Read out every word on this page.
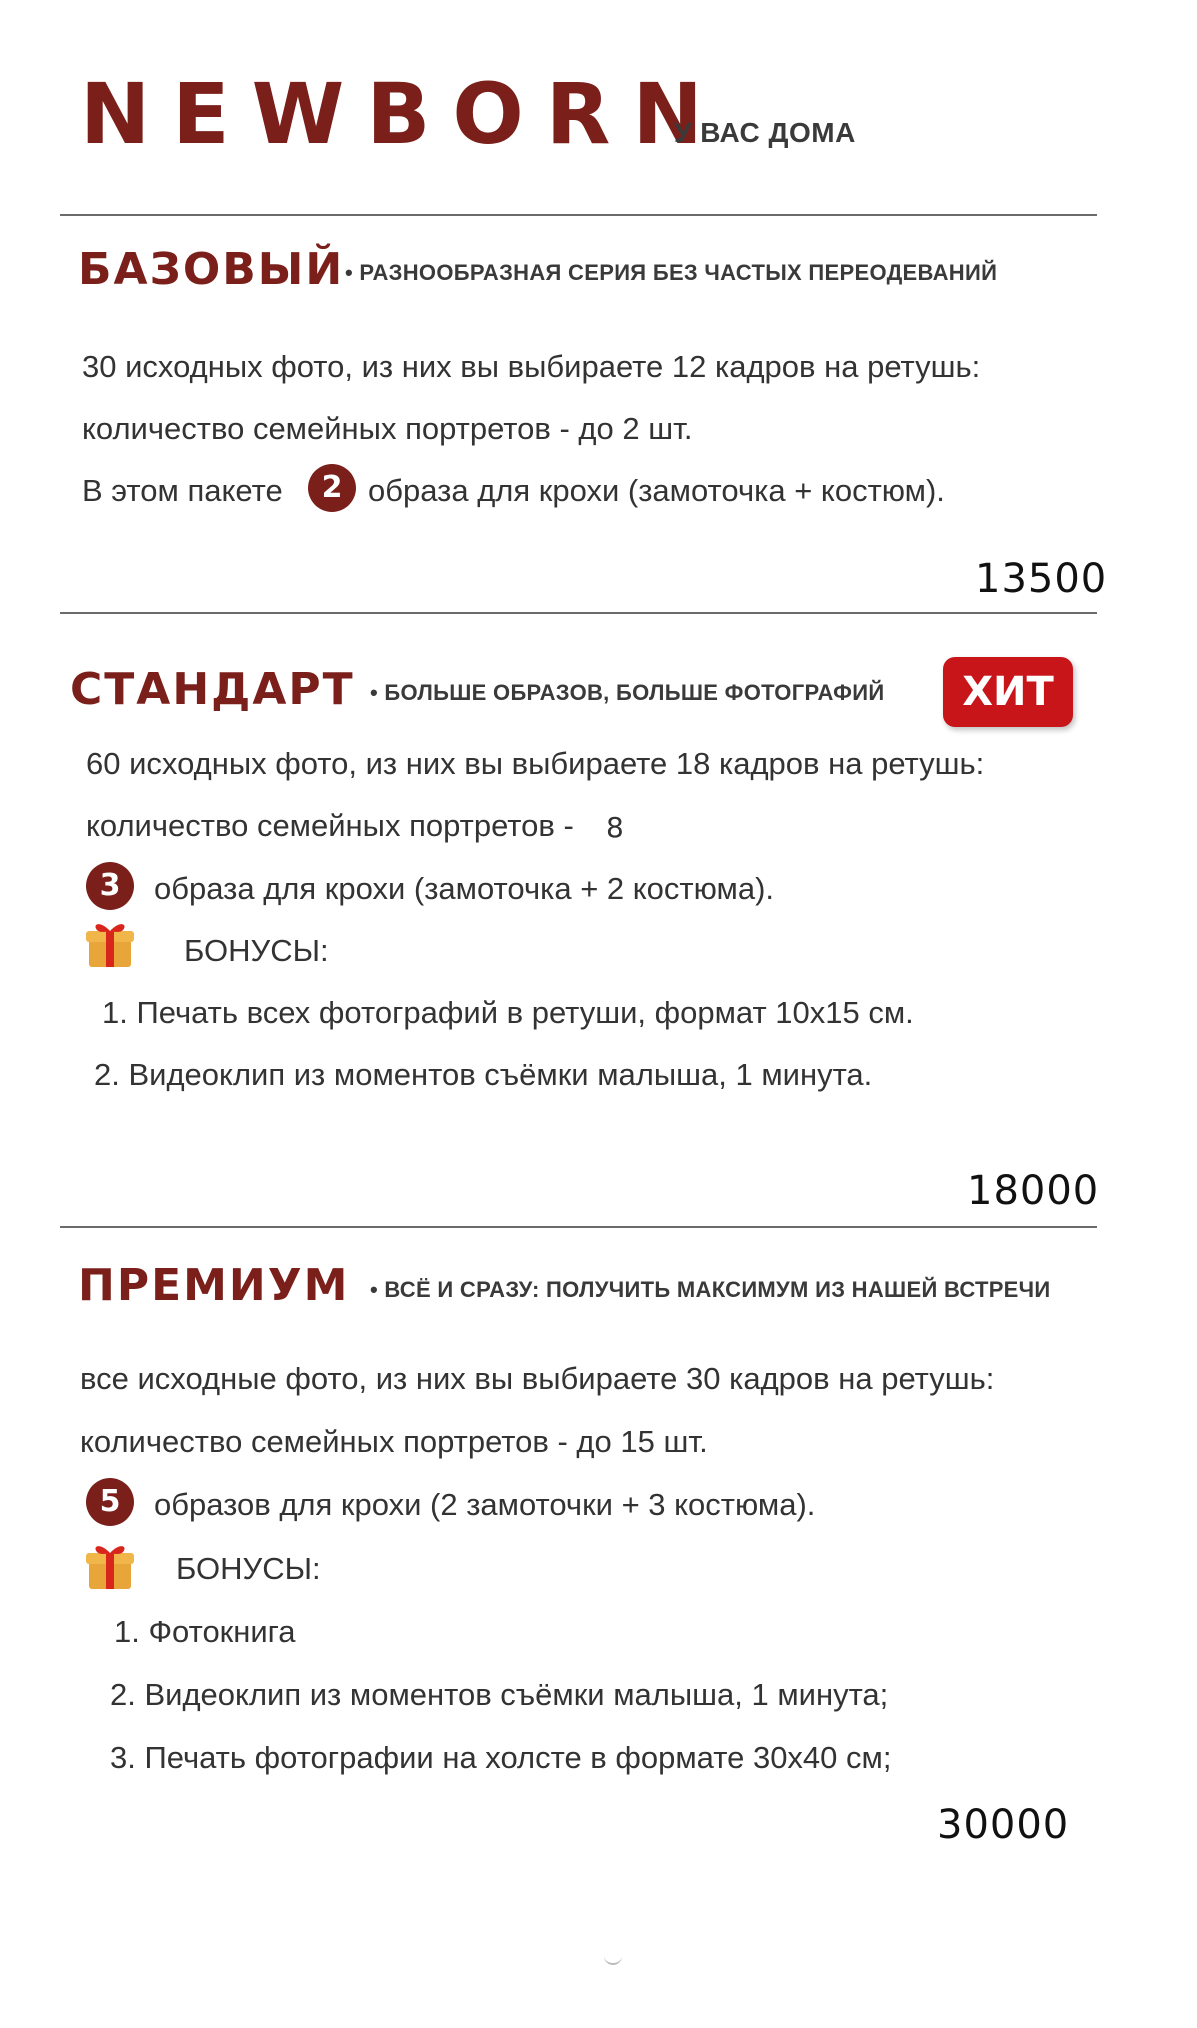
NEWBORN
У ВАС ДОМА
БАЗОВЫЙ • РАЗНООБРАЗНАЯ СЕРИЯ БЕЗ ЧАСТЫХ ПЕРЕОДЕВАНИЙ
30 исходных фото, из них вы выбираете 12 кадров на ретушь:
количество семейных портретов - до 2 шт.
В этом пакете	2 образа для крохи (замоточка + костюм).
13500
СТАНДАРТ • БОЛЬШЕ ОБРАЗОВ, БОЛЬШЕ ФОТОГРАФИЙ	ХИТ
60 исходных фото, из них вы выбираете 18 кадров на ретушь:
количество семейных портретов - 8
3	образа для крохи (замоточка + 2 костюма).
БОНУСЫ:
1. Печать всех фотографий в ретуши, формат 10х15 см.
2. Видеоклип из моментов съёмки малыша, 1 минута.
18000
ПРЕМИУМ • ВСЁ И СРАЗУ: ПОЛУЧИТЬ МАКСИМУМ ИЗ НАШЕЙ ВСТРЕЧИ
все исходные фото, из них вы выбираете 30 кадров на ретушь:
количество семейных портретов - до 15 шт.
5	образов для крохи (2 замоточки + 3 костюма).
БОНУСЫ:
1. Фотокнига
2. Видеоклип из моментов съёмки малыша, 1 минута;
3. Печать фотографии на холсте в формате 30х40 см;
30000
